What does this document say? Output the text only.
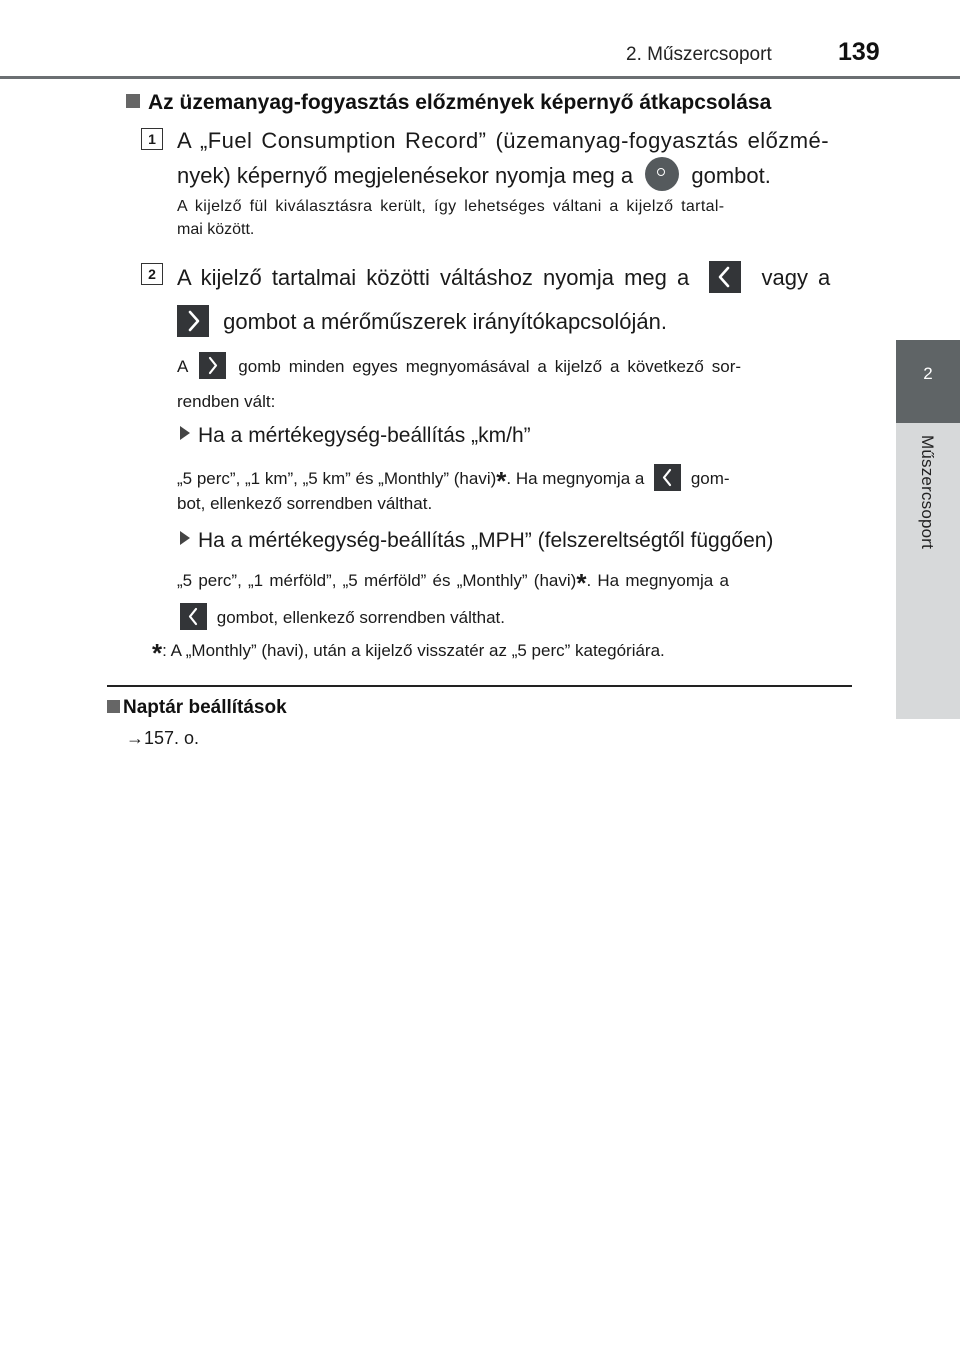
2. Műszercsoport	139
2
Műszercsoport
Az üzemanyag-fogyasztás előzmények képernyő átkapcsolása
1 A „Fuel Consumption Record” (üzemanyag-fogyasztás előzmé-
nyek) képernyő megjelenésekor nyomja meg a	gombot.
A kijelző fül kiválasztásra került, így lehetséges váltani a kijelző tartal-
mai között.
2 A kijelző tartalmai közötti váltáshoz nyomja meg a	vagy a
gombot a mérőműszerek irányítókapcsolóján.
A	gomb minden egyes megnyomásával a kijelző a következő sor-
rendben vált:
Ha a mértékegység-beállítás „km/h”
„5 perc”, „1 km”, „5 km” és „Monthly” (havi)*. Ha megnyomja a	gom-
bot, ellenkező sorrendben válthat.
Ha a mértékegység-beállítás „MPH” (felszereltségtől függően)
„5 perc”, „1 mérföld”, „5 mérföld” és „Monthly” (havi)*. Ha megnyomja a
gombot, ellenkező sorrendben válthat.
*: A „Monthly” (havi), után a kijelző visszatér az „5 perc” kategóriára.
Naptár beállítások
→157. o.
